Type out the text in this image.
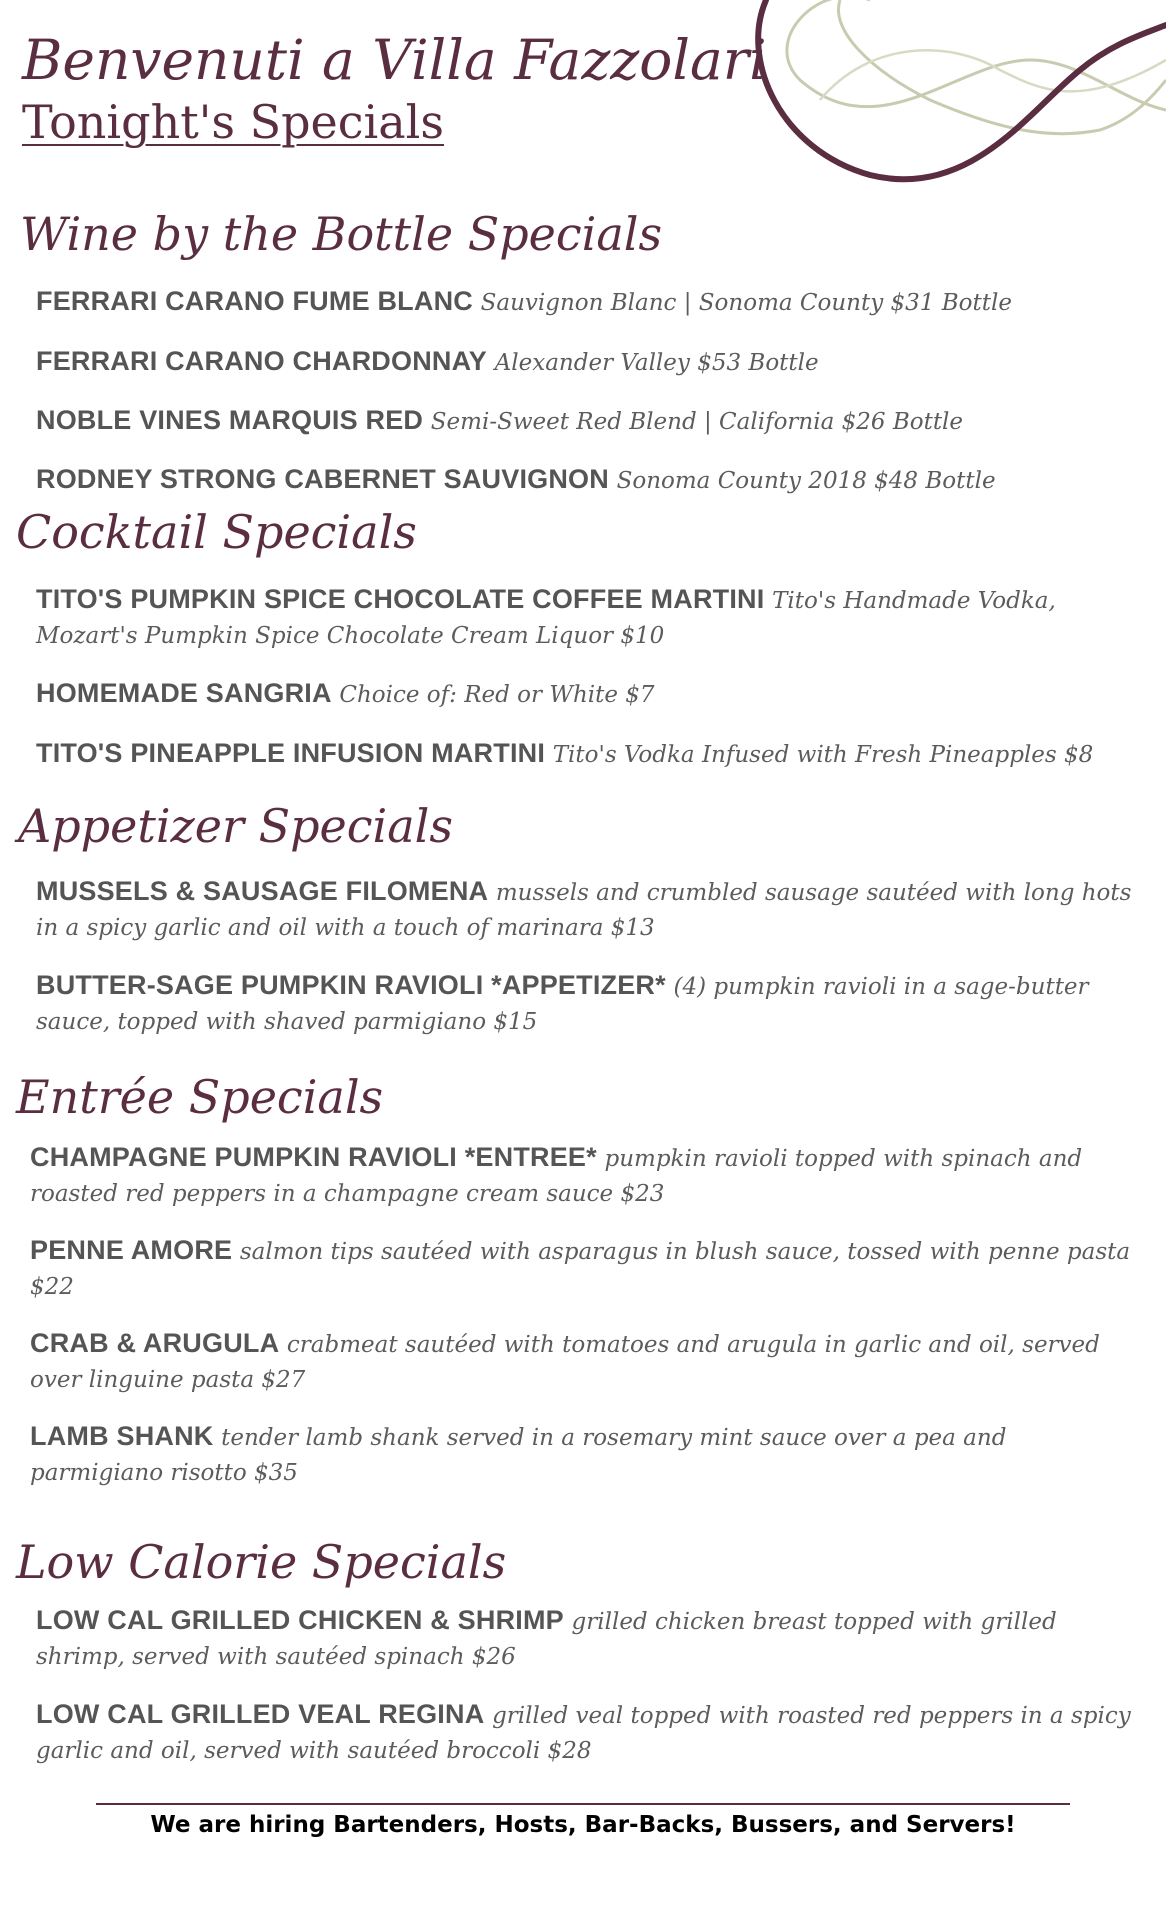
Benvenuti a Villa Fazzolari
Tonight's Specials
Wine by the Bottle Specials
FERRARI CARANO FUME BLANC Sauvignon Blanc | Sonoma County $31 Bottle
FERRARI CARANO CHARDONNAY Alexander Valley $53 Bottle
NOBLE VINES MARQUIS RED Semi-Sweet Red Blend | California $26 Bottle
RODNEY STRONG CABERNET SAUVIGNON Sonoma County 2018 $48 Bottle
Cocktail Specials
TITO'S PUMPKIN SPICE CHOCOLATE COFFEE MARTINI Tito's Handmade Vodka, Mozart's Pumpkin Spice Chocolate Cream Liquor $10
HOMEMADE SANGRIA Choice of: Red or White $7
TITO'S PINEAPPLE INFUSION MARTINI Tito's Vodka Infused with Fresh Pineapples $8
Appetizer Specials
MUSSELS & SAUSAGE FILOMENA mussels and crumbled sausage sautéed with long hots in a spicy garlic and oil with a touch of marinara $13
BUTTER-SAGE PUMPKIN RAVIOLI *APPETIZER* (4) pumpkin ravioli in a sage-butter sauce, topped with shaved parmigiano $15
Entrée Specials
CHAMPAGNE PUMPKIN RAVIOLI *ENTREE* pumpkin ravioli topped with spinach and roasted red peppers in a champagne cream sauce $23
PENNE AMORE salmon tips sautéed with asparagus in blush sauce, tossed with penne pasta $22
CRAB & ARUGULA crabmeat sautéed with tomatoes and arugula in garlic and oil, served over linguine pasta $27
LAMB SHANK tender lamb shank served in a rosemary mint sauce over a pea and parmigiano risotto $35
Low Calorie Specials
LOW CAL GRILLED CHICKEN & SHRIMP grilled chicken breast topped with grilled shrimp, served with sautéed spinach $26
LOW CAL GRILLED VEAL REGINA grilled veal topped with roasted red peppers in a spicy garlic and oil, served with sautéed broccoli $28
We are hiring Bartenders, Hosts, Bar-Backs, Bussers, and Servers!
